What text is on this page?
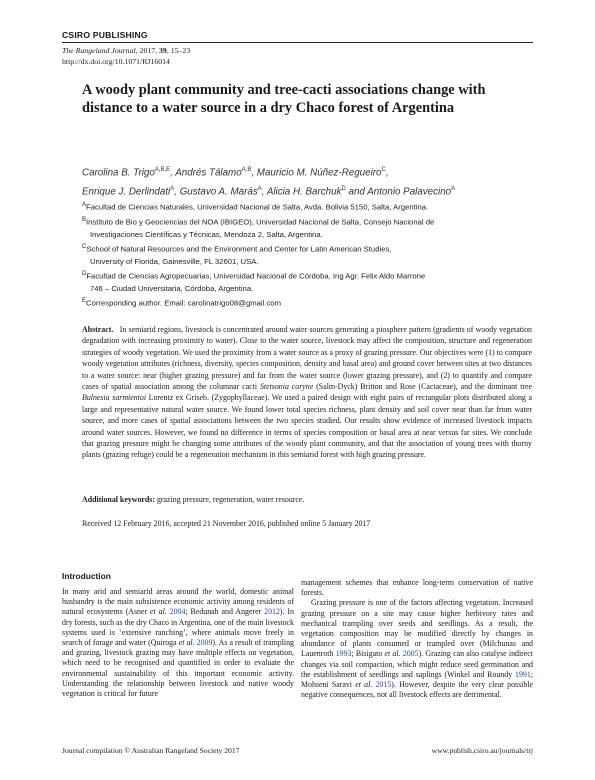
CSIRO PUBLISHING
The Rangeland Journal, 2017, 39, 15–23
http://dx.doi.org/10.1071/RJ16014
A woody plant community and tree-cacti associations change with distance to a water source in a dry Chaco forest of Argentina
Carolina B. Trigo$^{A,B,E}$, Andrés Tálamo$^{A,B}$, Mauricio M. Núñez-Regueiro$^C$,
Enrique J. Derlindati$^A$, Gustavo A. Marás$^A$, Alicia H. Barchuk$^D$ and Antonio Palavecino$^A$
$^A$Facultad de Ciencias Naturales, Universidad Nacional de Salta, Avda. Bolivia 5150, Salta, Argentina.
$^B$Instituto de Bio y Geociencias del NOA (IBIGEO), Universidad Nacional de Salta, Consejo Nacional de
Investigaciones Científicas y Técnicas, Mendoza 2, Salta, Argentina.
$^C$School of Natural Resources and the Environment and Center for Latin American Studies,
University of Florida, Gainesville, FL 32601, USA.
$^D$Facultad de Ciencias Agropecuarias, Universidad Nacional de Córdoba, Ing Agr. Felix Aldo Marrone
746 – Ciudad Universitaria, Córdoba, Argentina.
$^E$Corresponding author. Email: carolinatrigo08@gmail.com
Abstract. In semiarid regions, livestock is concentrated around water sources generating a piosphere pattern (gradients of woody vegetation degradation with increasing proximity to water). Close to the water source, livestock may affect the composition, structure and regeneration strategies of woody vegetation. We used the proximity from a water source as a proxy of grazing pressure. Our objectives were (1) to compare woody vegetation attributes (richness, diversity, species composition, density and basal area) and ground cover between sites at two distances to a water source: near (higher grazing pressure) and far from the water source (lower grazing pressure), and (2) to quantify and compare cases of spatial association among the columnar cacti Stetsonia coryne (Salm-Dyck) Britton and Rose (Cactaceae), and the dominant tree Bulnesia sarmientoi Lorentz ex Griseb. (Zygophyllaceae). We used a paired design with eight pairs of rectangular plots distributed along a large and representative natural water source. We found lower total species richness, plant density and soil cover near than far from water source, and more cases of spatial associations between the two species studied. Our results show evidence of increased livestock impacts around water sources. However, we found no difference in terms of species composition or basal area at near versus far sites. We conclude that grazing pressure might be changing some attributes of the woody plant community, and that the association of young trees with thorny plants (grazing refuge) could be a regeneration mechanism in this semiarid forest with high grazing pressure.
Additional keywords: grazing pressure, regeneration, water resource.
Received 12 February 2016, accepted 21 November 2016, published online 5 January 2017
Introduction

In many arid and semiarid areas around the world, domestic animal husbandry is the main subsistence economic activity among residents of natural ecosystems (Asner et al. 2004; Bedunah and Angerer 2012). In dry forests, such as the dry Chaco in Argentina, one of the main livestock systems used is ‘extensive ranching’, where animals move freely in search of forage and water (Quiroga et al. 2009). As a result of trampling and grazing, livestock grazing may have multiple effects on vegetation, which need to be recognised and quantified in order to evaluate the environmental sustainability of this important economic activity. Understanding the relationship between livestock and native woody vegetation is critical for future

management schemes that enhance long-term conservation of native forests.

Grazing pressure is one of the factors affecting vegetation. Increased grazing pressure on a site may cause higher herbivory rates and mechanical trampling over seeds and seedlings. As a result, the vegetation composition may be modified directly by changes in abundance of plants consumed or trampled over (Milchunas and Lauenroth 1993; Bisigato et al. 2005). Grazing can also catalyse indirect changes via soil compaction, which might reduce seed germination and the establishment of seedlings and saplings (Winkel and Roundy 1991; Mohseni Saravi et al. 2015). However, despite the very clear possible negative consequences, not all livestock effects are detrimental.

Journal compilation © Australian Rangeland Society 2017	www.publish.csiro.au/journals/trj
